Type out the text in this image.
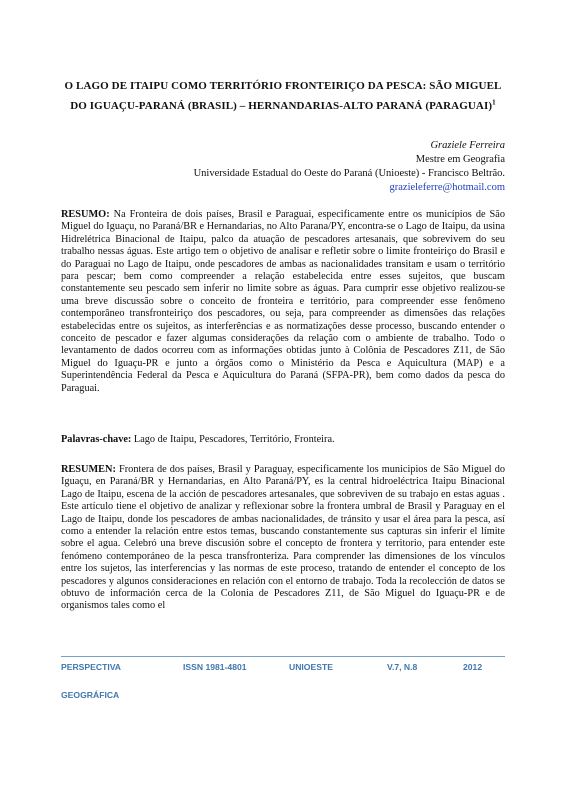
O LAGO DE ITAIPU COMO TERRITÓRIO FRONTEIRIÇO DA PESCA: SÃO MIGUEL DO IGUAÇU-PARANÁ (BRASIL) – HERNANDARIAS-ALTO PARANÁ (PARAGUAI)$^1$
Graziele Ferreira
Mestre em Geografia
Universidade Estadual do Oeste do Paraná (Unioeste) - Francisco Beltrão.
grazieleferre@hotmail.com
RESUMO: Na Fronteira de dois países, Brasil e Paraguai, especificamente entre os municípios de São Miguel do Iguaçu, no Paraná/BR e Hernandarias, no Alto Parana/PY, encontra-se o Lago de Itaipu, da usina Hidrelétrica Binacional de Itaipu, palco da atuação de pescadores artesanais, que sobrevivem do seu trabalho nessas águas. Este artigo tem o objetivo de analisar e refletir sobre o limite fronteiriço do Brasil e do Paraguai no Lago de Itaipu, onde pescadores de ambas as nacionalidades transitam e usam o território para pescar; bem como compreender a relação estabelecida entre esses sujeitos, que buscam constantemente seu pescado sem inferir no limite sobre as águas. Para cumprir esse objetivo realizou-se uma breve discussão sobre o conceito de fronteira e território, para compreender esse fenômeno contemporâneo transfronteiriço dos pescadores, ou seja, para compreender as dimensões das relações estabelecidas entre os sujeitos, as interferências e as normatizações desse processo, buscando entender o conceito de pescador e fazer algumas considerações da relação com o ambiente de trabalho. Todo o levantamento de dados ocorreu com as informações obtidas junto à Colônia de Pescadores Z11, de São Miguel do Iguaçu-PR e junto a órgãos como o Ministério da Pesca e Aquicultura (MAP) e a Superintendência Federal da Pesca e Aquicultura do Paraná (SFPA-PR), bem como dados da pesca do Paraguai.
Palavras-chave: Lago de Itaipu, Pescadores, Território, Fronteira.
RESUMEN: Frontera de dos países, Brasil y Paraguay, especificamente los municipios de São Miguel do Iguaçu, en Paraná/BR y Hernandarias, en Alto Paraná/PY, es la central hidroeléctrica Itaipu Binacional Lago de Itaipu, escena de la acción de pescadores artesanales, que sobreviven de su trabajo en estas aguas . Este artículo tiene el objetivo de analizar y reflexionar sobre la frontera umbral de Brasil y Paraguay en el Lago de Itaipu, donde los pescadores de ambas nacionalidades, de tránsito y usar el área para la pesca, así como a entender la relación entre estos temas, buscando constantemente sus capturas sin inferir el límite sobre el agua. Celebró una breve discusión sobre el concepto de frontera y territorio, para entender este fenómeno contemporáneo de la pesca transfronteriza. Para comprender las dimensiones de los vínculos entre los sujetos, las interferencias y las normas de este proceso, tratando de entender el concepto de los pescadores y algunos consideraciones en relación con el entorno de trabajo. Toda la recolección de datos se obtuvo de información cerca de la Colonia de Pescadores Z11, de São Miguel do Iguaçu-PR e de organismos tales como el
PERSPECTIVA	ISSN 1981-4801	UNIOESTE	V.7, N.8	2012
GEOGRÁFICA
